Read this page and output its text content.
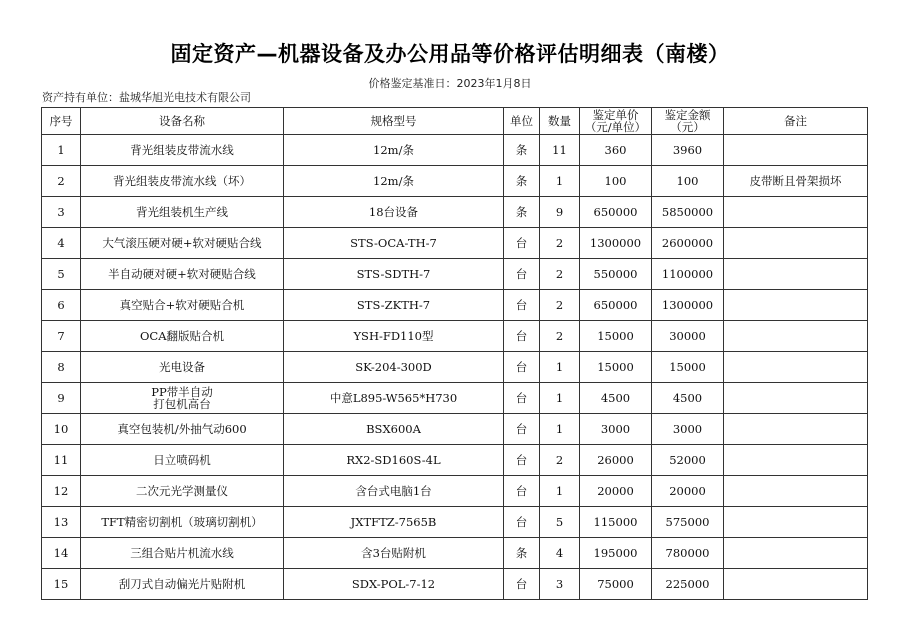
固定资产—机器设备及办公用品等价格评估明细表（南楼）
价格鉴定基准日：2023年1月8日
资产持有单位：盐城华旭光电技术有限公司
序号	设备名称	规格型号	单位	数量	鉴定单价（元/单位）	鉴定金额（元）	备注
1	背光组装皮带流水线	12m/条	条	11	360	3960	
2	背光组装皮带流水线（坏）	12m/条	条	1	100	100	皮带断且骨架损坏
3	背光组装机生产线	18台设备	条	9	650000	5850000	
4	大气滚压硬对硬+软对硬贴合线	STS-OCA-TH-7	台	2	1300000	2600000	
5	半自动硬对硬+软对硬贴合线	STS-SDTH-7	台	2	550000	1100000	
6	真空贴合+软对硬贴合机	STS-ZKTH-7	台	2	650000	1300000	
7	OCA翻版贴合机	YSH-FD110型	台	2	15000	30000	
8	光电设备	SK-204-300D	台	1	15000	15000	
9	PP带半自动
打包机高台	中意L895-W565*H730	台	1	4500	4500	
10	真空包装机/外抽气动600	BSX600A	台	1	3000	3000	
11	日立喷码机	RX2-SD160S-4L	台	2	26000	52000	
12	二次元光学测量仪	含台式电脑1台	台	1	20000	20000	
13	TFT精密切割机（玻璃切割机）	JXTFTZ-7565B	台	5	115000	575000	
14	三组合贴片机流水线	含3台贴附机	条	4	195000	780000	
15	刮刀式自动偏光片贴附机	SDX-POL-7-12	台	3	75000	225000	
